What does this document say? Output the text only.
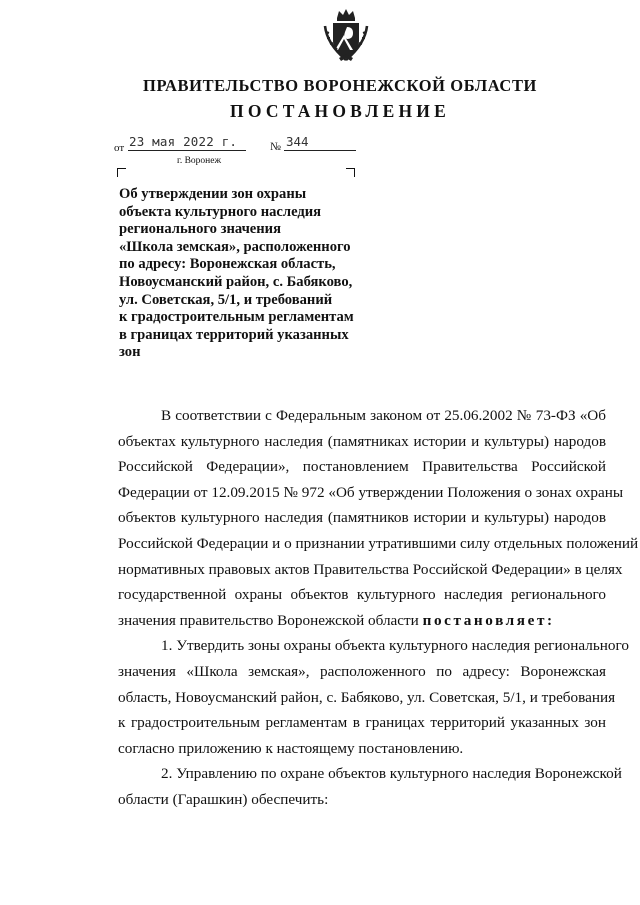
ПРАВИТЕЛЬСТВО ВОРОНЕЖСКОЙ ОБЛАСТИ
ПОСТАНОВЛЕНИЕ
от 23 мая 2022 г.	№ 344
г. Воронеж
Об утверждении зон охраны
объекта культурного наследия
регионального значения
«Школа земская», расположенного
по адресу: Воронежская область,
Новоусманский район, с. Бабяково,
ул. Советская, 5/1, и требований
к градостроительным регламентам
в границах территорий указанных
зон
В соответствии с Федеральным законом от 25.06.2002 № 73-ФЗ «Об
объектах культурного наследия (памятниках истории и культуры) народов
Российской Федерации», постановлением Правительства Российской
Федерации от 12.09.2015 № 972 «Об утверждении Положения о зонах охраны
объектов культурного наследия (памятников истории и культуры) народов
Российской Федерации и о признании утратившими силу отдельных положений
нормативных правовых актов Правительства Российской Федерации» в целях
государственной охраны объектов культурного наследия регионального
значения правительство Воронежской области постановляет:
1. Утвердить зоны охраны объекта культурного наследия регионального
значения «Школа земская», расположенного по адресу: Воронежская
область, Новоусманский район, с. Бабяково, ул. Советская, 5/1, и требования
к градостроительным регламентам в границах территорий указанных зон
согласно приложению к настоящему постановлению.
2. Управлению по охране объектов культурного наследия Воронежской
области (Гарашкин) обеспечить:
